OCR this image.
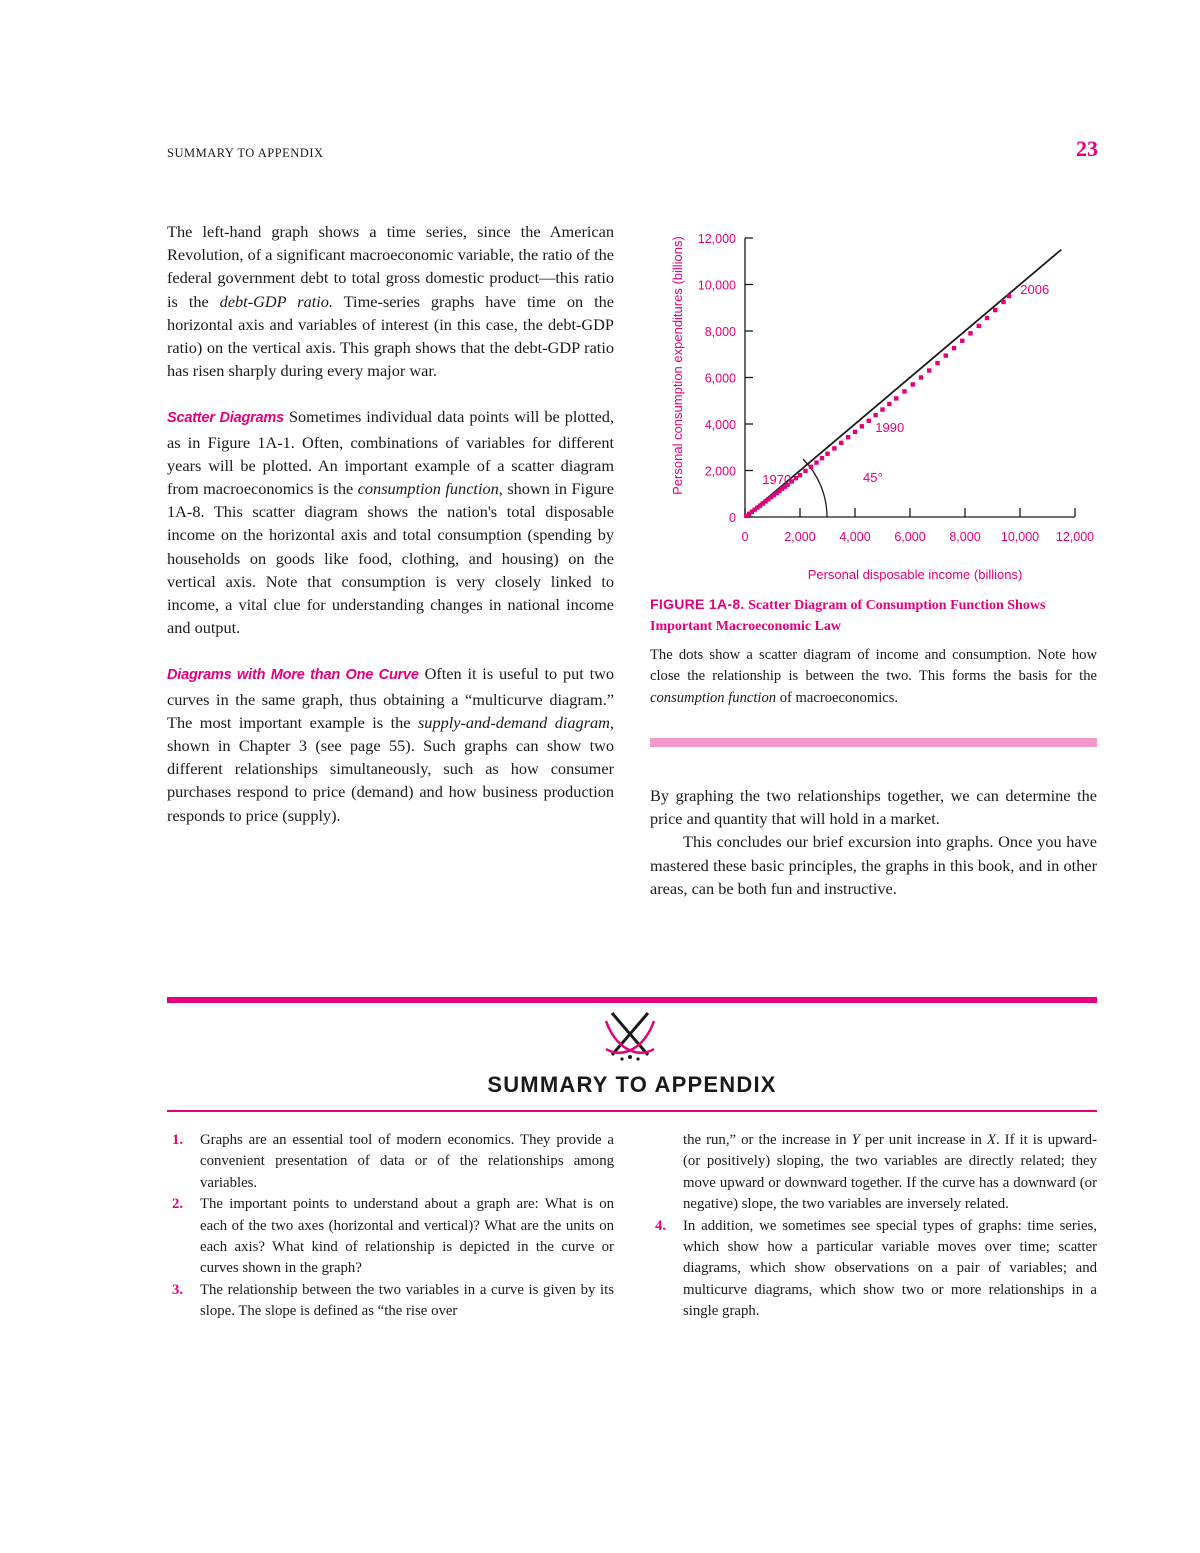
SUMMARY TO APPENDIX	23

The left-hand graph shows a time series, since the American Revolution, of a significant macroeconomic variable, the ratio of the federal government debt to total gross domestic product—this ratio is the debt-GDP ratio. Time-series graphs have time on the horizontal axis and variables of interest (in this case, the debt-GDP ratio) on the vertical axis. This graph shows that the debt-GDP ratio has risen sharply during every major war.

Scatter Diagrams Sometimes individual data points will be plotted, as in Figure 1A-1. Often, combinations of variables for different years will be plotted. An important example of a scatter diagram from macroeconomics is the consumption function, shown in Figure 1A-8. This scatter diagram shows the nation's total disposable income on the horizontal axis and total consumption (spending by households on goods like food, clothing, and housing) on the vertical axis. Note that consumption is very closely linked to income, a vital clue for understanding changes in national income and output.

Diagrams with More than One Curve Often it is useful to put two curves in the same graph, thus obtaining a “multicurve diagram.” The most important example is the supply-and-demand diagram, shown in Chapter 3 (see page 55). Such graphs can show two different relationships simultaneously, such as how consumer purchases respond to price (demand) and how business production responds to price (supply).

0
0
2,000
2,000
4,000
4,000
6,000
6,000
8,000
8,000
10,000
10,000
12,000
12,000
45°
1970
1990
2006
Personal disposable income (billions)
Personal consumption expenditures (billions)
FIGURE 1A-8. Scatter Diagram of Consumption Function Shows Important Macroeconomic Law
The dots show a scatter diagram of income and consumption. Note how close the relationship is between the two. This forms the basis for the consumption function of macroeconomics.

By graphing the two relationships together, we can determine the price and quantity that will hold in a market.

This concludes our brief excursion into graphs. Once you have mastered these basic principles, the graphs in this book, and in other areas, can be both fun and instructive.

SUMMARY TO APPENDIX
1. Graphs are an essential tool of modern economics. They provide a convenient presentation of data or of the relationships among variables.
2. The important points to understand about a graph are: What is on each of the two axes (horizontal and vertical)? What are the units on each axis? What kind of relationship is depicted in the curve or curves shown in the graph?
3. The relationship between the two variables in a curve is given by its slope. The slope is defined as “the rise over
the run,” or the increase in Y per unit increase in X. If it is upward- (or positively) sloping, the two variables are directly related; they move upward or downward together. If the curve has a downward (or negative) slope, the two variables are inversely related.
4. In addition, we sometimes see special types of graphs: time series, which show how a particular variable moves over time; scatter diagrams, which show observations on a pair of variables; and multicurve diagrams, which show two or more relationships in a single graph.
